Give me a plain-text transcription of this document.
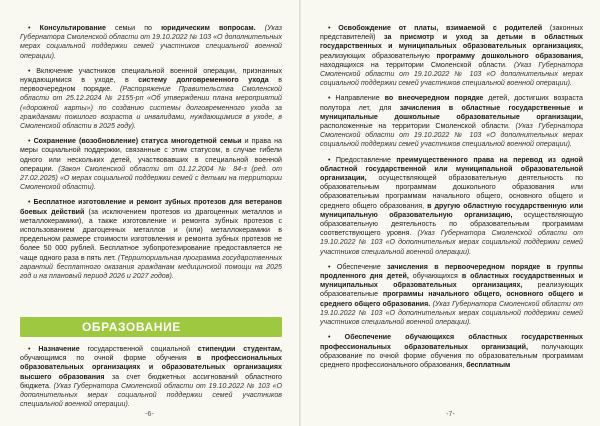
• Консультирование семьи по юридическим вопросам. (Указ Губернатора Смоленской области от 19.10.2022 № 103 «О дополнительных мерах социальной поддержки семей участников специальной военной операции).

• Включение участников специальной военной операции, признанных нуждающимися в уходе, в систему долговременного ухода в первоочередном порядке. (Распоряжение Правительства Смоленской области от 25.12.2024 № 2155-рп «Об утверждении плана мероприятий («дорожной карты») по созданию системы долговременного ухода за гражданами пожилого возраста и инвалидами, нуждающимися в уходе, в Смоленской области в 2025 году).

• Сохранение (возобновление) статуса многодетной семьи и права на меры социальной поддержки, связанные с этим статусом, в случае гибели одного или нескольких детей, участвовавших в специальной военной операции. (Закон Смоленской области от 01.12.2004 № 84-з (ред. от 27.02.2025) «О мерах социальной поддержки семей с детьми на территории Смоленской области).

• Бесплатное изготовление и ремонт зубных протезов для ветеранов боевых действий (за исключением протезов из драгоценных металлов и металлокерамики), а также изготовление и ремонта зубных протезов с использованием драгоценных металлов и (или) металлокерамики в предельном размере стоимости изготовления и ремонта зубных протезов не более 50 000 рублей. Бесплатное зубопротезирование предоставляется не чаще одного раза в пять лет. (Территориальная программа государственных гарантий бесплатного оказания гражданам медицинской помощи на 2025 год и на плановый период 2026 и 2027 годов).

ОБРАЗОВАНИЕ

• Назначение государственной социальной стипендии студентам, обучающимся по очной форме обучения в профессиональных образовательных организациях и образовательных организациях высшего образования за счет бюджетных ассигнований областного бюджета. (Указ Губернатора Смоленской области от 19.10.2022 № 103 «О дополнительных мерах социальной поддержки семей участников специальной военной операции).

-6-

• Освобождение от платы, взимаемой с родителей (законных представителей) за присмотр и уход за детьми в областных государственных и муниципальных образовательных организациях, реализующих образовательную программу дошкольного образования, находящихся на территории Смоленской области. (Указ Губернатора Смоленской области от 19.10.2022 № 103 «О дополнительных мерах социальной поддержки семей участников специальной военной операции).

• Направление во внеочередном порядке детей, достигших возраста полутора лет, для зачисления в областные государственные и муниципальные дошкольные образовательные организации, расположенные на территории Смоленской области. (Указ Губернатора Смоленской области от 19.10.2022 № 103 «О дополнительных мерах социальной поддержки семей участников специальной военной операции).

• Предоставление преимущественного права на перевод из одной областной государственной или муниципальной образовательной организации, осуществляющей образовательную деятельность по образовательным программам дошкольного образования или образовательным программам начального общего, основного общего и среднего общего образования, в другую областную государственную или муниципальную образовательную организацию, осуществляющую образовательную деятельность по образовательным программам соответствующего уровня. (Указ Губернатора Смоленской области от 19.10.2022 № 103 «О дополнительных мерах социальной поддержки семей участников специальной военной операции).

• Обеспечение зачисления в первоочередном порядке в группы продленного дня детей, обучающихся в областных государственных и муниципальных образовательных организациях, реализующих образовательные программы начального общего, основного общего и среднего общего образования. (Указ Губернатора Смоленской области от 19.10.2022 № 103 «О дополнительных мерах социальной поддержки семей участников специальной военной операции).

• Обеспечение обучающихся областных государственных профессиональных образовательных организаций, получающих образование по очной форме обучения по образовательным программам среднего профессионального образования, бесплатным

-7-
